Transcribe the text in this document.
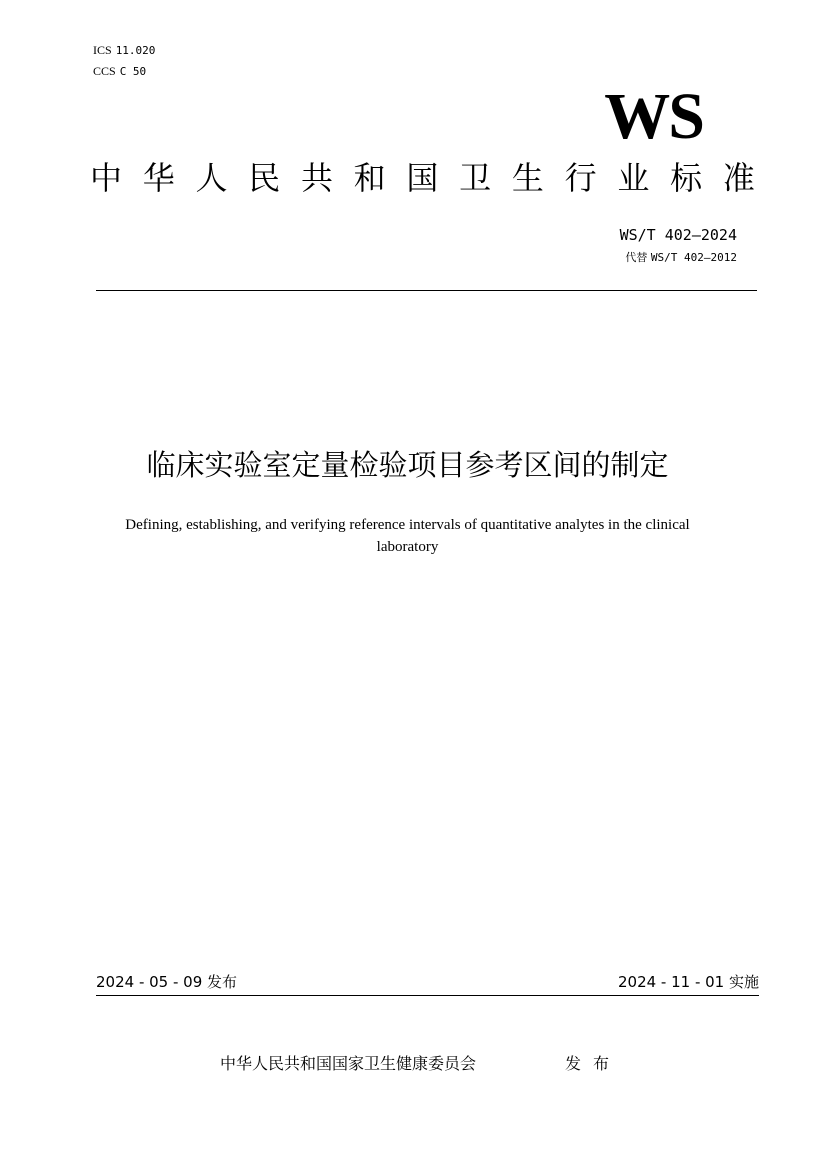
ICS 11.020
CCS C 50
WS
中 华 人 民 共 和 国 卫 生 行 业 标 准
WS/T 402—2024
代替 WS/T 402—2012
临床实验室定量检验项目参考区间的制定
Defining, establishing, and verifying reference intervals of quantitative analytes in the clinical laboratory
2024 - 05 - 09 发布	2024 - 11 - 01 实施
中华人民共和国国家卫生健康委员会	发布
